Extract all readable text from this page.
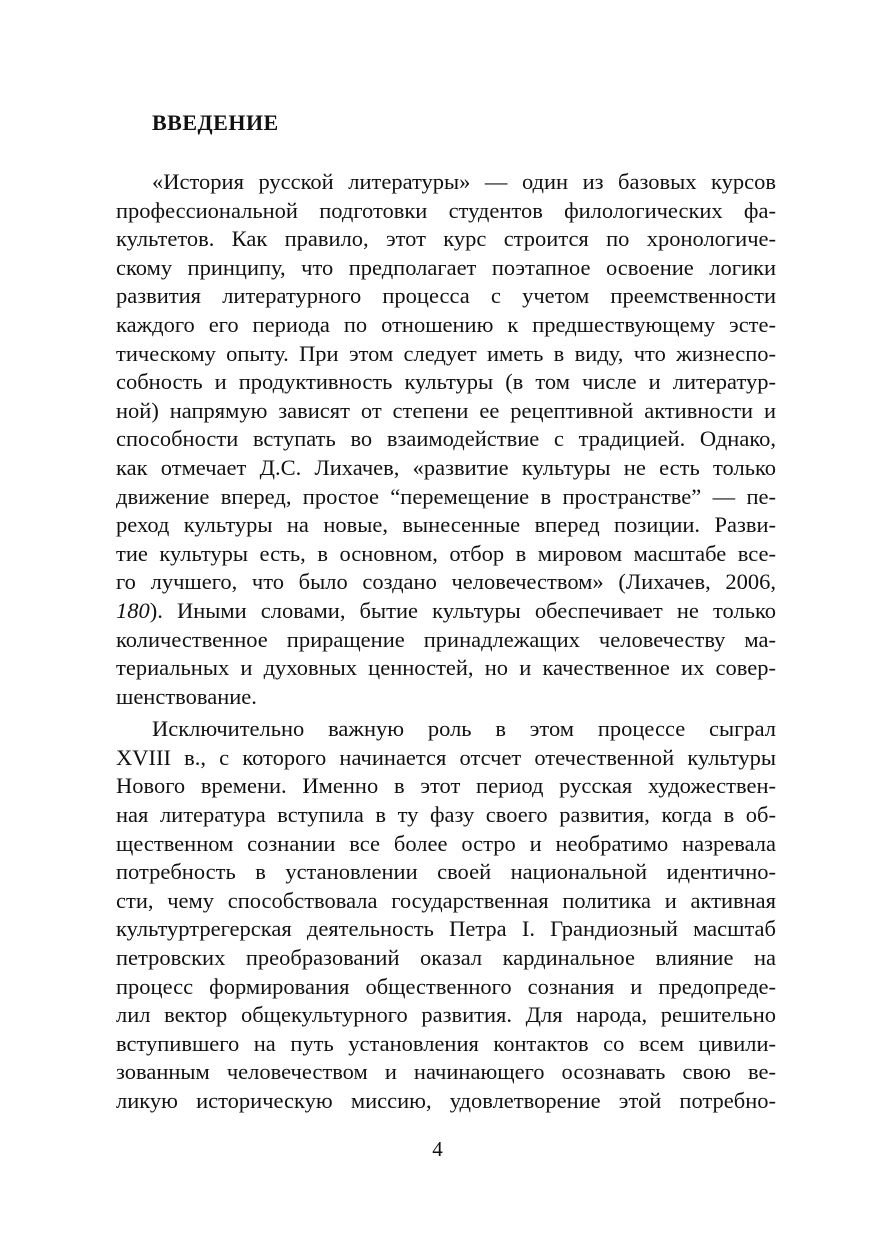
ВВЕДЕНИЕ
«История русской литературы» — один из базовых курсов
профессиональной подготовки студентов филологических фа-
культетов. Как правило, этот курс строится по хронологиче-
скому принципу, что предполагает поэтапное освоение логики
развития литературного процесса с учетом преемственности
каждого его периода по отношению к предшествующему эсте-
тическому опыту. При этом следует иметь в виду, что жизнеспо-
собность и продуктивность культуры (в том числе и литератур-
ной) напрямую зависят от степени ее рецептивной активности и
способности вступать во взаимодействие с традицией. Однако,
как отмечает Д.С. Лихачев, «развитие культуры не есть только
движение вперед, простое “перемещение в пространстве” — пе-
реход культуры на новые, вынесенные вперед позиции. Разви-
тие культуры есть, в основном, отбор в мировом масштабе все-
го лучшего, что было создано человечеством» (Лихачев, 2006,
180). Иными словами, бытие культуры обеспечивает не только
количественное приращение принадлежащих человечеству ма-
териальных и духовных ценностей, но и качественное их совер-
шенствование.
Исключительно важную роль в этом процессе сыграл
XVIII в., с которого начинается отсчет отечественной культуры
Нового времени. Именно в этот период русская художествен-
ная литература вступила в ту фазу своего развития, когда в об-
щественном сознании все более остро и необратимо назревала
потребность в установлении своей национальной идентично-
сти, чему способствовала государственная политика и активная
культуртрегерская деятельность Петра I. Грандиозный масштаб
петровских преобразований оказал кардинальное влияние на
процесс формирования общественного сознания и предопреде-
лил вектор общекультурного развития. Для народа, решительно
вступившего на путь установления контактов со всем цивили-
зованным человечеством и начинающего осознавать свою ве-
ликую историческую миссию, удовлетворение этой потребно-
4
